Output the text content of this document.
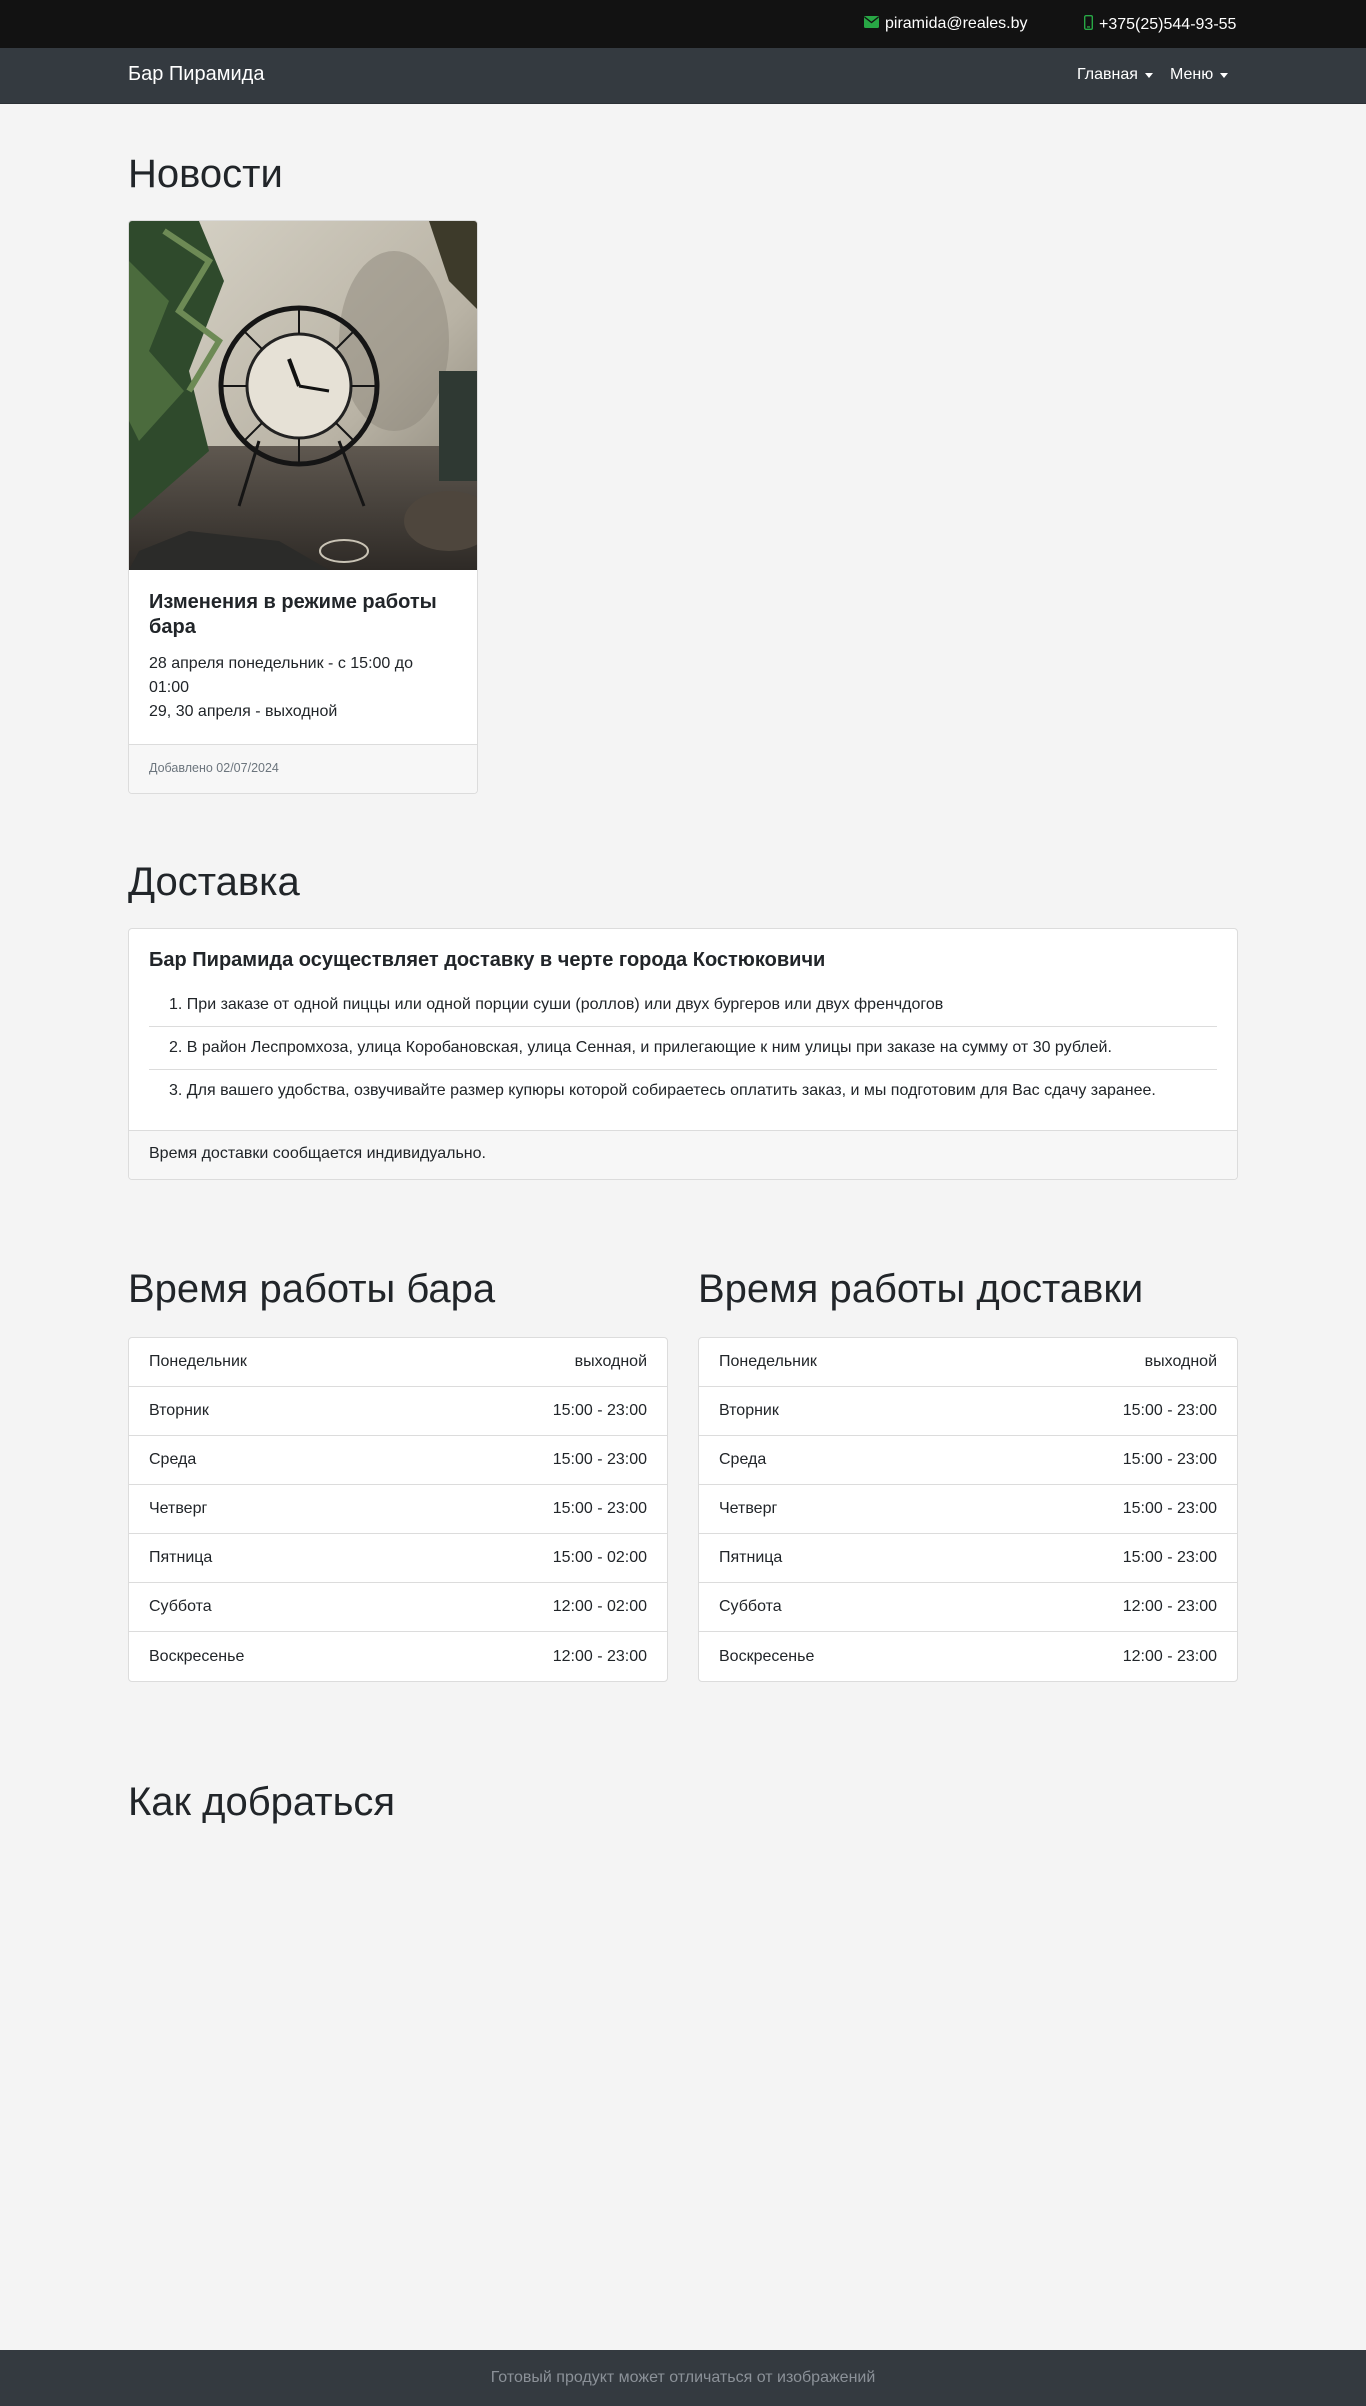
piramida@reales.by	+375(25)544-93-55
Бар Пирамида	Главная Меню
Новости
Изменения в режиме работы бара
28 апреля понедельник - с 15:00 до 01:00
29, 30 апреля - выходной
Добавлено 02/07/2024
Доставка
Бар Пирамида осуществляет доставку в черте города Костюковичи
1. При заказе от одной пиццы или одной порции суши (роллов) или двух бургеров или двух френчдогов
2. В район Леспромхоза, улица Коробановская, улица Сенная, и прилегающие к ним улицы при заказе на сумму от 30 рублей.
3. Для вашего удобства, озвучивайте размер купюры которой собираетесь оплатить заказ, и мы подготовим для Вас сдачу заранее.
Время доставки сообщается индивидуально.
Время работы бара
Понедельник	выходной
Вторник	15:00 - 23:00
Среда	15:00 - 23:00
Четверг	15:00 - 23:00
Пятница	15:00 - 02:00
Суббота	12:00 - 02:00
Воскресенье	12:00 - 23:00
Время работы доставки
Понедельник	выходной
Вторник	15:00 - 23:00
Среда	15:00 - 23:00
Четверг	15:00 - 23:00
Пятница	15:00 - 23:00
Суббота	12:00 - 23:00
Воскресенье	12:00 - 23:00
Как добраться
Готовый продукт может отличаться от изображений
